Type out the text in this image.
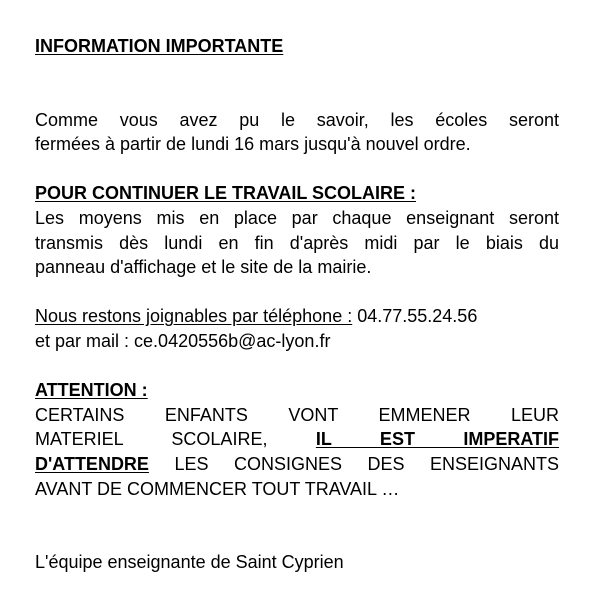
INFORMATION IMPORTANTE

Comme vous avez pu le savoir, les écoles seront

fermées à partir de lundi 16 mars jusqu'à nouvel ordre.

POUR CONTINUER LE TRAVAIL SCOLAIRE :

Les moyens mis en place par chaque enseignant seront

transmis dès lundi en fin d'après midi par le biais du

panneau d'affichage et le site de la mairie.

Nous restons joignables par téléphone : 04.77.55.24.56

et par mail : ce.0420556b@ac-lyon.fr

ATTENTION :

CERTAINS ENFANTS VONT EMMENER LEUR

MATERIEL SCOLAIRE, IL EST IMPERATIF

D'ATTENDRE LES CONSIGNES DES ENSEIGNANTS

AVANT DE COMMENCER TOUT TRAVAIL …

L'équipe enseignante de Saint Cyprien
